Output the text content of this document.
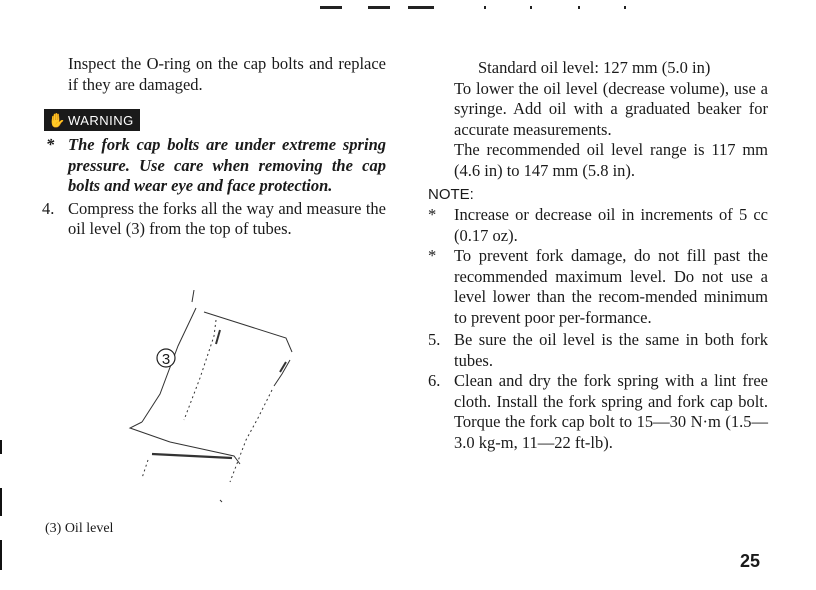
Inspect the O-ring on the cap bolts and replace if they are damaged.
✋ WARNING
* The fork cap bolts are under extreme spring pressure. Use care when removing the cap bolts and wear eye and face protection.
4. Compress the forks all the way and measure the oil level (3) from the top of tubes.
3
(3) Oil level
Standard oil level: 127 mm (5.0 in)
To lower the oil level (decrease volume), use a syringe. Add oil with a graduated beaker for accurate measurements.
The recommended oil level range is 117 mm (4.6 in) to 147 mm (5.8 in).
NOTE:
*	Increase or decrease oil in increments of 5 cc (0.17 oz).
*	To prevent fork damage, do not fill past the recommended maximum level. Do not use a level lower than the recom-mended minimum to prevent poor per-formance.
5. Be sure the oil level is the same in both fork tubes.
6. Clean and dry the fork spring with a lint free cloth. Install the fork spring and fork cap bolt. Torque the fork cap bolt to 15—30 N·m (1.5—3.0 kg-m, 11—22 ft-lb).
25
